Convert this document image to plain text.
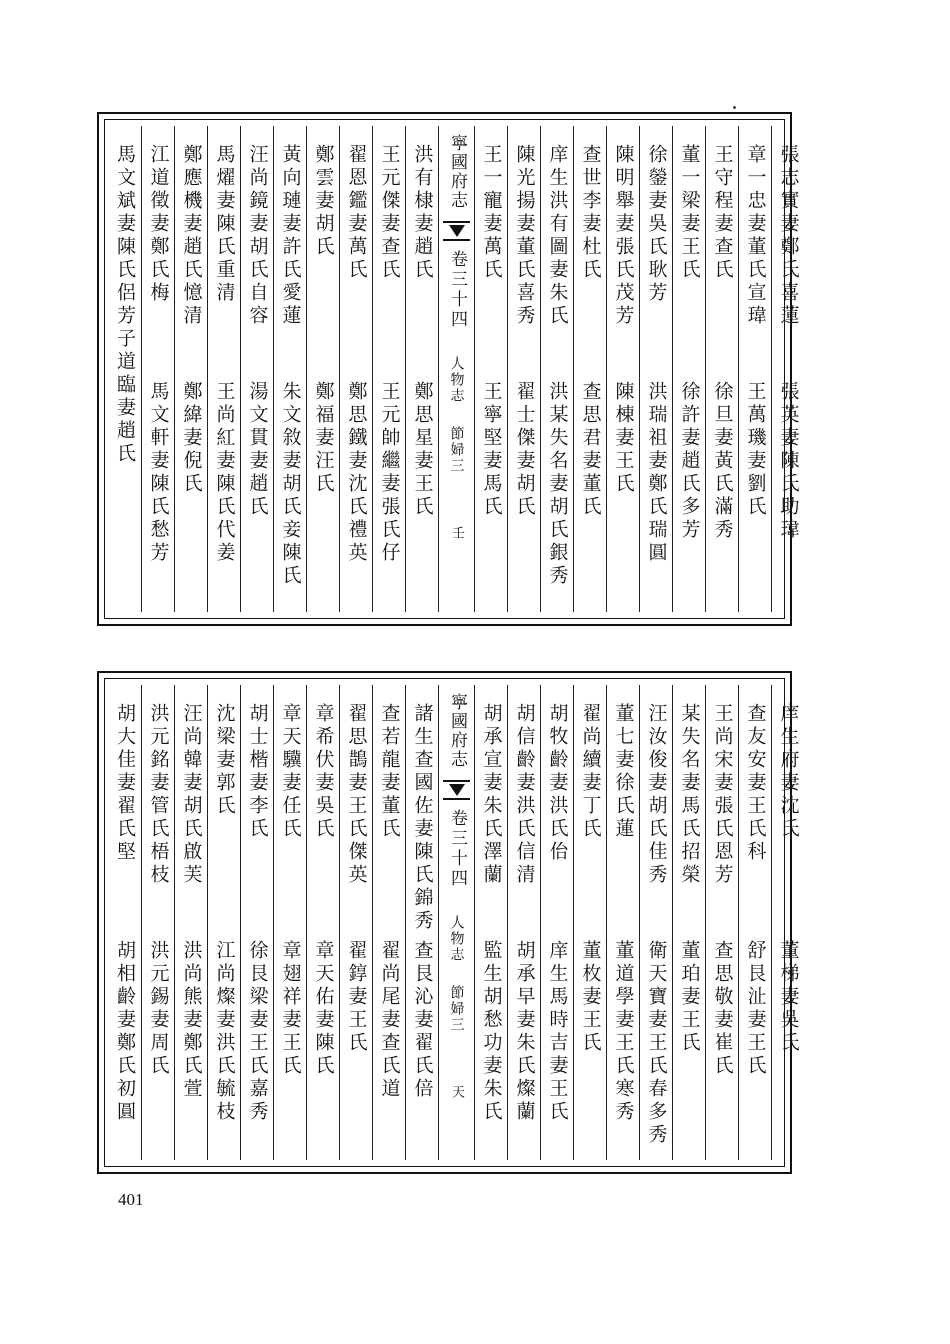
馬文斌妻陳氏侶芳子道臨妻趙氏 江道徵妻鄭氏梅
馬文軒妻陳氏愁芳
鄭應機妻趙氏憶清
鄭緯妻倪氏
馬燿妻陳氏重清
王尚紅妻陳氏代姜
汪尚鏡妻胡氏自容
湯文貫妻趙氏
黃向璉妻許氏愛蓮
朱文敘妻胡氏妾陳氏
鄭雲妻胡氏
鄭福妻汪氏
翟恩鑑妻萬氏
鄭思鐵妻沈氏禮英
王元傑妻查氏
王元帥繼妻張氏仔
洪有棣妻趙氏
鄭思星妻王氏
寧國府志
卷三十四
人物志
節婦三
壬
王一寵妻萬氏
王寧堅妻馬氏
陳光揚妻董氏喜秀
翟士傑妻胡氏
庠生洪有圖妻朱氏
洪某失名妻胡氏銀秀
查世李妻杜氏
查思君妻董氏
陳明舉妻張氏茂芳
陳棟妻王氏
徐鎣妻吳氏耿芳
洪瑞祖妻鄭氏瑞圓
董一梁妻王氏
徐許妻趙氏多芳
王守程妻查氏
徐旦妻黃氏滿秀
章一忠妻董氏宣瑋
王萬璣妻劉氏
張志實妻鄭氏喜蓮
張英妻陳氏助瑋
胡大佳妻翟氏堅
胡相齡妻鄭氏初圓
洪元銘妻管氏梧枝
洪元錫妻周氏
汪尚韓妻胡氏啟芙
洪尚熊妻鄭氏萱
沈梁妻郭氏
江尚燦妻洪氏毓枝
胡士楷妻李氏
徐艮梁妻王氏嘉秀
章天驥妻任氏
章翅祥妻王氏
章希伏妻吳氏
章天佑妻陳氏
翟思鵲妻王氏傑英
翟錞妻王氏
查若龍妻董氏
翟尚尾妻查氏道
諸生查國佐妻陳氏錦秀
查艮沁妻翟氏倍
寧國府志
卷三十四
人物志
節婦三
天
胡承宣妻朱氏澤蘭
監生胡愁功妻朱氏
胡信齡妻洪氏信清
胡承早妻朱氏燦蘭
胡牧齡妻洪氏佁
庠生馬時吉妻王氏
翟尚續妻丁氏
董枚妻王氏
董七妻徐氏蓮
董道學妻王氏寒秀
汪汝俊妻胡氏佳秀
衛天寶妻王氏春多秀
某失名妻馬氏招榮
董珀妻王氏
王尚宋妻張氏恩芳
查思敬妻崔氏
查友安妻王氏科
舒艮沚妻王氏
庠生府妻沈氏
董梯妻吳氏
401
